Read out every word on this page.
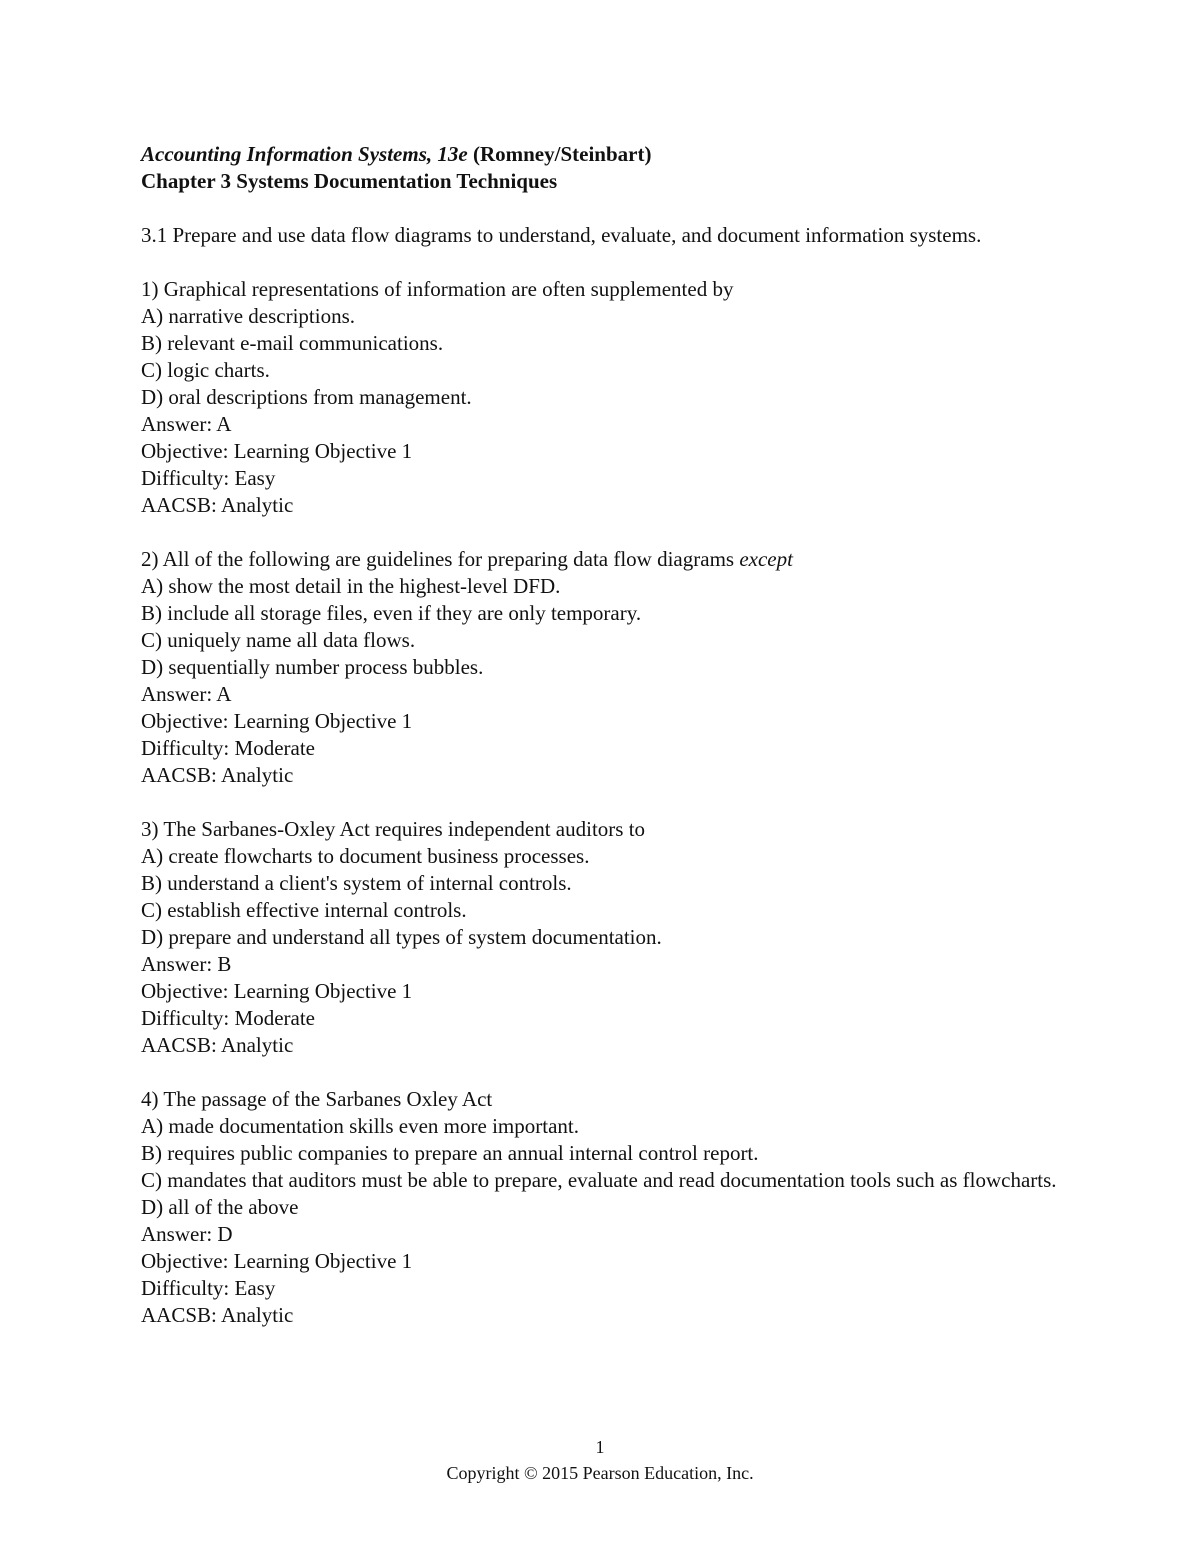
Accounting Information Systems, 13e (Romney/Steinbart)
Chapter 3 Systems Documentation Techniques
3.1 Prepare and use data flow diagrams to understand, evaluate, and document information systems.
1) Graphical representations of information are often supplemented by
A) narrative descriptions.
B) relevant e-mail communications.
C) logic charts.
D) oral descriptions from management.
Answer: A
Objective: Learning Objective 1
Difficulty: Easy
AACSB: Analytic
2) All of the following are guidelines for preparing data flow diagrams except
A) show the most detail in the highest-level DFD.
B) include all storage files, even if they are only temporary.
C) uniquely name all data flows.
D) sequentially number process bubbles.
Answer: A
Objective: Learning Objective 1
Difficulty: Moderate
AACSB: Analytic
3) The Sarbanes-Oxley Act requires independent auditors to
A) create flowcharts to document business processes.
B) understand a client's system of internal controls.
C) establish effective internal controls.
D) prepare and understand all types of system documentation.
Answer: B
Objective: Learning Objective 1
Difficulty: Moderate
AACSB: Analytic
4) The passage of the Sarbanes Oxley Act
A) made documentation skills even more important.
B) requires public companies to prepare an annual internal control report.
C) mandates that auditors must be able to prepare, evaluate and read documentation tools such as flowcharts.
D) all of the above
Answer: D
Objective: Learning Objective 1
Difficulty: Easy
AACSB: Analytic
1
Copyright © 2015 Pearson Education, Inc.
